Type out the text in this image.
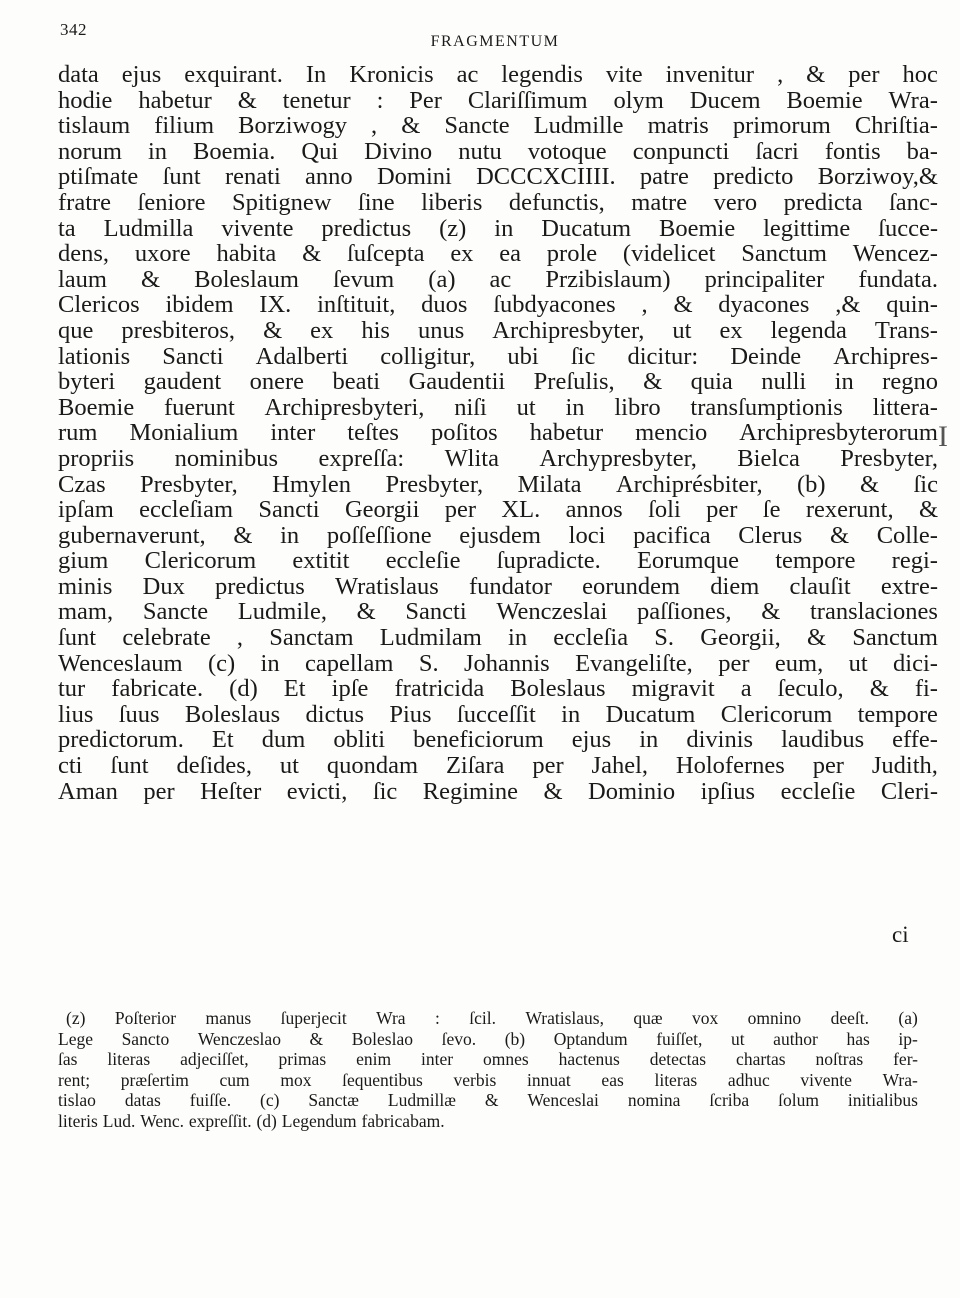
342
FRAGMENTUM
data ejus exquirant. In Kronicis ac legendis vite invenitur , & per hoc
hodie habetur & tenetur : Per Clariſſimum olym Ducem Boemie Wra-
tislaum filium Borziwogy , & Sancte Ludmille matris primorum Chriſtia-
norum in Boemia. Qui Divino nutu votoque conpuncti ſacri fontis ba-
ptiſmate ſunt renati anno Domini DCCCXCIIII. patre predicto Borziwoy,&
fratre ſeniore Spitignew ſine liberis defunctis, matre vero predicta ſanc-
ta Ludmilla vivente predictus (z) in Ducatum Boemie legittime ſucce-
dens, uxore habita & ſuſcepta ex ea prole (videlicet Sanctum Wencez-
laum & Boleslaum ſevum (a) ac Przibislaum) principaliter fundata.
Clericos ibidem IX. inſtituit, duos ſubdyacones , & dyacones ,& quin-
que presbiteros, & ex his unus Archipresbyter, ut ex legenda Trans-
lationis Sancti Adalberti colligitur, ubi ſic dicitur: Deinde Archipres-
byteri gaudent onere beati Gaudentii Preſulis, & quia nulli in regno
Boemie fuerunt Archipresbyteri, niſi ut in libro transſumptionis littera-
rum Monialium inter teſtes poſitos habetur mencio Archipresbyterorum
propriis nominibus expreſſa: Wlita Archypresbyter, Bielca Presbyter,
Czas Presbyter, Hmylen Presbyter, Milata Archiprésbiter, (b) & ſic
ipſam eccleſiam Sancti Georgii per XL. annos ſoli per ſe rexerunt, &
gubernaverunt, & in poſſeſſione ejusdem loci pacifica Clerus & Colle-
gium Clericorum extitit eccleſie ſupradicte. Eorumque tempore regi-
minis Dux predictus Wratislaus fundator eorundem diem clauſit extre-
mam, Sancte Ludmile, & Sancti Wenczeslai paſſiones, & translaciones
ſunt celebrate , Sanctam Ludmilam in eccleſia S. Georgii, & Sanctum
Wenceslaum (c) in capellam S. Johannis Evangeliſte, per eum, ut dici-
tur fabricate. (d) Et ipſe fratricida Boleslaus migravit a ſeculo, & fi-
lius ſuus Boleslaus dictus Pius ſucceſſit in Ducatum Clericorum tempore
predictorum. Et dum obliti beneficiorum ejus in divinis laudibus effe-
cti ſunt deſides, ut quondam Ziſara per Jahel, Holofernes per Judith,
Aman per Heſter evicti, ſic Regimine & Dominio ipſius eccleſie Cleri-
ci
I
(z) Poſterior manus ſuperjecit Wra : ſcil. Wratislaus, quæ vox omnino deeſt. (a)
Lege Sancto Wenczeslao & Boleslao ſevo. (b) Optandum fuiſſet, ut author has ip-
ſas literas adjeciſſet, primas enim inter omnes hactenus detectas chartas noſtras fer-
rent; præſertim cum mox ſequentibus verbis innuat eas literas adhuc vivente Wra-
tislao datas fuiſſe. (c) Sanctæ Ludmillæ & Wenceslai nomina ſcriba ſolum initialibus
literis Lud. Wenc. expreſſit. (d) Legendum fabricabam.
